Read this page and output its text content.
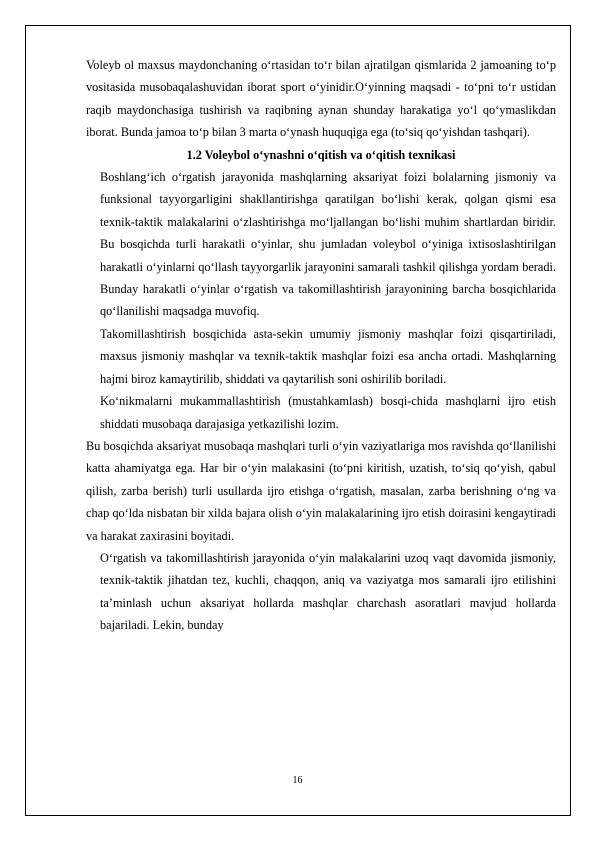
Voleyb ol maxsus maydonchaning o‘rtasidan to‘r bilan ajratilgan qismlarida 2 jamoaning to‘p vositasida musobaqalashuvidan iborat sport o‘yinidir.O‘yinning maqsadi - to‘pni to‘r ustidan raqib maydonchasiga tushirish va raqibning aynan shunday harakatiga yo‘l qo‘ymaslikdan iborat. Bunda jamoa to‘p bilan 3 marta o‘ynash huquqiga ega (to‘siq qo‘yishdan tashqari).

1.2 Voleybol o‘ynashni o‘qitish va o‘qitish texnikasi

Boshlang‘ich o‘rgatish jarayonida mashqlarning aksariyat foizi bolalarning jismoniy va funksional tayyorgarligini shakllantirishga qaratilgan bo‘lishi kerak, qolgan qismi esa texnik-taktik malakalarini o‘zlashtirishga mo‘ljallangan bo‘lishi muhim shartlardan biridir. Bu bosqichda turli harakatli o‘yinlar, shu jumladan voleybol o‘yiniga ixtisoslashtirilgan harakatli o‘yinlarni qo‘llash tayyorgarlik jarayonini samarali tashkil qilishga yordam beradi. Bunday harakatli o‘yinlar o‘rgatish va takomillashtirish jarayonining barcha bosqichlarida qo‘llanilishi maqsadga muvofiq.

Takomillashtirish bosqichida asta-sekin umumiy jismoniy mashqlar foizi qisqartiriladi, maxsus jismoniy mashqlar va texnik-taktik mashqlar foizi esa ancha ortadi. Mashqlarning hajmi biroz kamaytirilib, shiddati va qaytarilish soni oshirilib boriladi.

Ko‘nikmalarni mukammallashtirish (mustahkamlash) bosqi-chida mashqlarni ijro etish shiddati musobaqa darajasiga yetkazilishi lozim.

Bu bosqichda aksariyat musobaqa mashqlari turli o‘yin vaziyatlariga mos ravishda qo‘llanilishi katta ahamiyatga ega. Har bir o‘yin malakasini (to‘pni kiritish, uzatish, to‘siq qo‘yish, qabul qilish, zarba berish) turli usullarda ijro etishga o‘rgatish, masalan, zarba berishning o‘ng va chap qo‘lda nisbatan bir xilda bajara olish o‘yin malakalarining ijro etish doirasini kengaytiradi va harakat zaxirasini boyitadi.

O‘rgatish va takomillashtirish jarayonida o‘yin malakalarini uzoq vaqt davomida jismoniy, texnik-taktik jihatdan tez, kuchli, chaqqon, aniq va vaziyatga mos samarali ijro etilishini ta’minlash uchun aksariyat hollarda mashqlar charchash asoratlari mavjud hollarda bajariladi. Lekin, bunday

16
